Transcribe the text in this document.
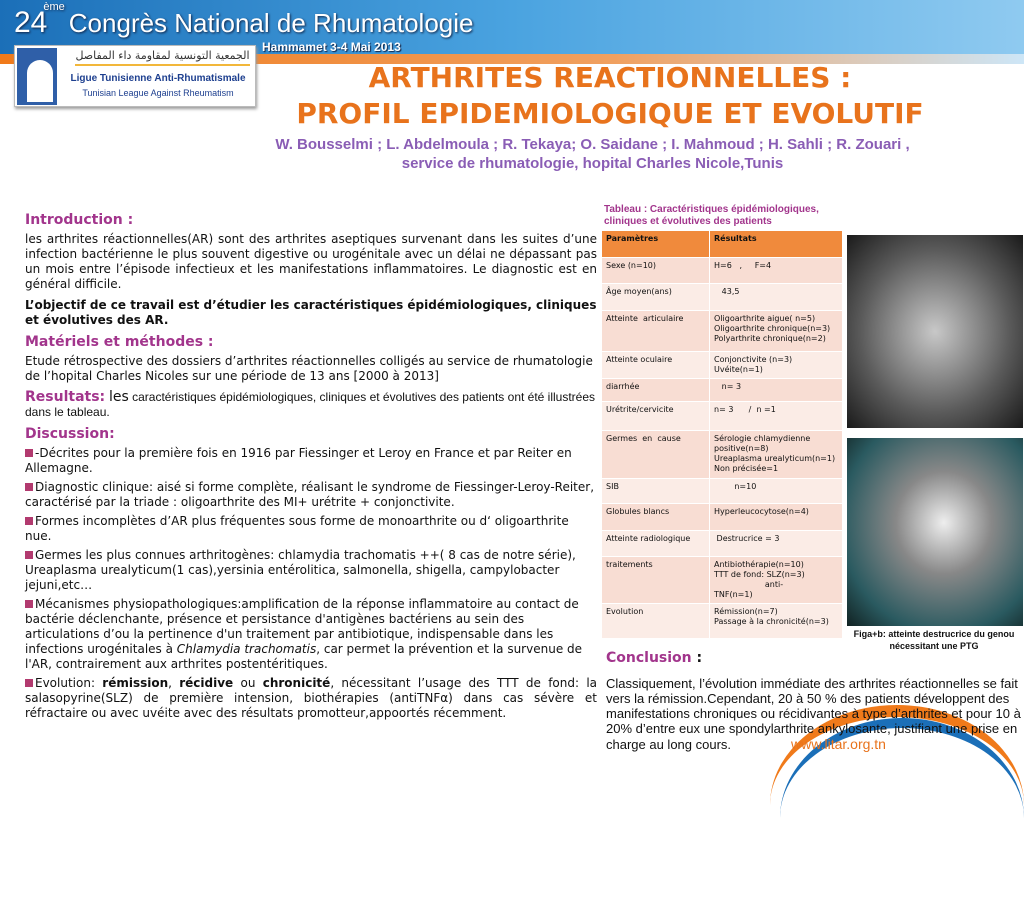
24èmeCongrès National de Rhumatologie
Hammamet 3-4 Mai 2013
الجمعية التونسية لمقاومة داء المفاصل
Ligue Tunisienne Anti-Rhumatismale
Tunisian League Against Rheumatism	ARTHRITES REACTIONNELLES :
PROFIL EPIDEMIOLOGIQUE ET EVOLUTIF
W. Bousselmi ; L. Abdelmoula ; R. Tekaya; O. Saidane ; I. Mahmoud ; H. Sahli ; R. Zouari ,
service de rhumatologie, hopital Charles Nicole,Tunis
Introduction :
les arthrites réactionnelles(AR) sont des arthrites aseptiques survenant dans les suites d’une infection bactérienne le plus souvent digestive ou urogénitale avec un délai ne dépassant pas un mois entre l’épisode infectieux et les manifestations inflammatoires. Le diagnostic est en général difficile.
L’objectif de ce travail est d’étudier les caractéristiques épidémiologiques, cliniques et évolutives des AR.
Matériels et méthodes :
Etude rétrospective des dossiers d’arthrites réactionnelles colligés au service de rhumatologie de l’hopital Charles Nicoles sur une période de 13 ans [2000 à 2013]
Resultats: les caractéristiques épidémiologiques, cliniques et évolutives des patients ont été illustrées dans le tableau.
Discussion:
-Décrites pour la première fois en 1916 par Fiessinger et Leroy en France et par Reiter en Allemagne.
Diagnostic clinique: aisé si forme complète, réalisant le syndrome de Fiessinger-Leroy-Reiter, caractérisé par la triade : oligoarthrite des MI+ urétrite + conjonctivite.
Formes incomplètes d’AR plus fréquentes sous forme de monoarthrite ou d‘ oligoarthrite nue.
Germes les plus connues arthritogènes: chlamydia trachomatis ++( 8 cas de notre série), Ureaplasma urealyticum(1 cas),yersinia entérolitica, salmonella, shigella, campylobacter jejuni,etc…
Mécanismes physiopathologiques:amplification de la réponse inflammatoire au contact de bactérie déclenchante, présence et persistance d'antigènes bactériens au sein des articulations d’ou la pertinence d'un traitement par antibiotique, indispensable dans les infections urogénitales à Chlamydia trachomatis, car permet la prévention et la survenue de l'AR, contrairement aux arthrites postentéritiques.
Evolution: rémission, récidive ou chronicité, nécessitant l’usage des TTT de fond: la salasopyrine(SLZ) de première intension, biothérapies (antiTNFα) dans cas sévère et réfractaire ou avec uvéite avec des résultats promotteur,appoortés récemment.
Tableau : Caractéristiques épidémiologiques, cliniques et évolutives des patients
Paramètres	Résultats
Sexe (n=10)	H=6   ,     F=4
Âge moyen(ans)	43,5
Atteinte  articulaire	Oligoarthrite aigue( n=5)
Oligoarthrite chronique(n=3)
Polyarthrite chronique(n=2)
Atteinte oculaire	Conjonctivite (n=3)
Uvéite(n=1)
diarrhée	n= 3
Urétrite/cervicite	n= 3      /  n =1
Germes  en  cause	Sérologie chlamydienne positive(n=8)
Ureaplasma urealyticum(n=1)
Non précisée=1
SIB	n=10
Globules blancs	Hyperleucocytose(n=4)
Atteinte radiologique	Destrucrice = 3
traitements	Antibiothérapie(n=10)
TTT de fond: SLZ(n=3)
anti-
TNF(n=1)
Evolution	Rémission(n=7)
Passage à la chronicité(n=3)
Figa+b: atteinte destrucrice du genou nécessitant une PTG
Conclusion :
Classiquement, l’évolution immédiate des arthrites réactionnelles se fait vers la rémission.Cependant, 20 à 50 % des patients développent des manifestations chroniques ou récidivantes à type d’arthrites et pour 10 à 20% d’entre eux une spondylarthrite ankylosante, justifiant une prise en charge au long cours.	www.litar.org.tn
